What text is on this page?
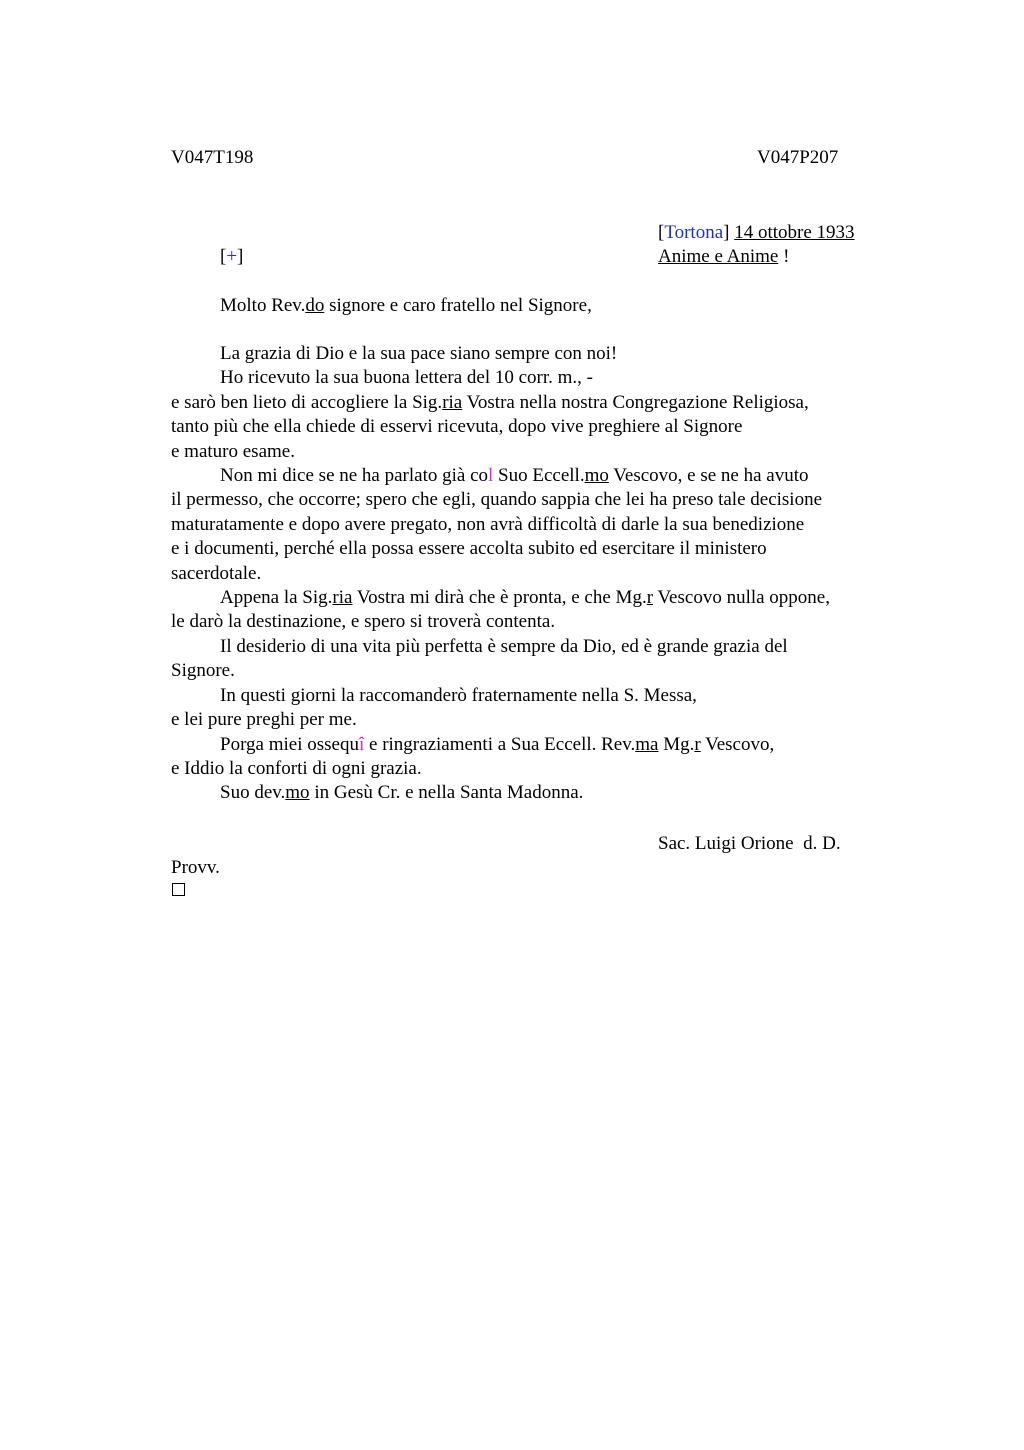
V047T198	V047P207
[Tortona] 14 ottobre 1933
[+]	Anime e Anime !
Molto Rev.do signore e caro fratello nel Signore,
La grazia di Dio e la sua pace siano sempre con noi!
Ho ricevuto la sua buona lettera del 10 corr. m., -
e sarò ben lieto di accogliere la Sig.ria Vostra nella nostra Congregazione Religiosa,
tanto più che ella chiede di esservi ricevuta, dopo vive preghiere al Signore
e maturo esame.
Non mi dice se ne ha parlato già col Suo Eccell.mo Vescovo, e se ne ha avuto
il permesso, che occorre; spero che egli, quando sappia che lei ha preso tale decisione
maturatamente e dopo avere pregato, non avrà difficoltà di darle la sua benedizione
e i documenti, perché ella possa essere accolta subito ed esercitare il ministero
sacerdotale.
Appena la Sig.ria Vostra mi dirà che è pronta, e che Mg.r Vescovo nulla oppone,
le darò la destinazione, e spero si troverà contenta.
Il desiderio di una vita più perfetta è sempre da Dio, ed è grande grazia del
Signore.
In questi giorni la raccomanderò fraternamente nella S. Messa,
e lei pure preghi per me.
Porga miei ossequî e ringraziamenti a Sua Eccell. Rev.ma Mg.r Vescovo,
e Iddio la conforti di ogni grazia.
Suo dev.mo in Gesù Cr. e nella Santa Madonna.
Sac. Luigi Orione  d. D.
Provv.
